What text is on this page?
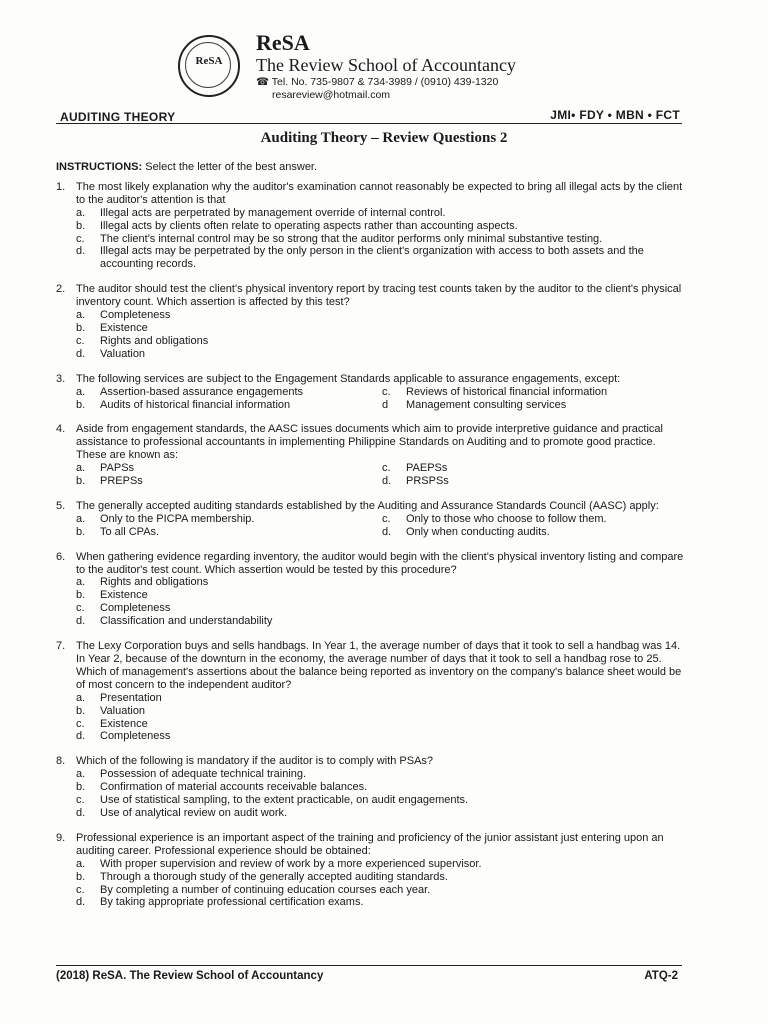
ReSA
ReSA
The Review School of Accountancy
☎ Tel. No. 735-9807 & 734-3989 / (0910) 439-1320
resareview@hotmail.com
AUDITING THEORY	JMI• FDY • MBN • FCT
Auditing Theory – Review Questions 2
INSTRUCTIONS: Select the letter of the best answer.
1. The most likely explanation why the auditor's examination cannot reasonably be expected to bring all illegal acts by the client to the auditor's attention is that
a.	Illegal acts are perpetrated by management override of internal control.
b.	Illegal acts by clients often relate to operating aspects rather than accounting aspects.
c.	The client's internal control may be so strong that the auditor performs only minimal substantive testing.
d.	Illegal acts may be perpetrated by the only person in the client's organization with access to both assets and the accounting records.
2. The auditor should test the client's physical inventory report by tracing test counts taken by the auditor to the client's physical inventory count. Which assertion is affected by this test?
a.	Completeness
b.	Existence
c.	Rights and obligations
d.	Valuation
3. The following services are subject to the Engagement Standards applicable to assurance engagements, except:
a.	Assertion-based assurance engagements
b.	Audits of historical financial information
c.	Reviews of historical financial information
d	Management consulting services
4. Aside from engagement standards, the AASC issues documents which aim to provide interpretive guidance and practical assistance to professional accountants in implementing Philippine Standards on Auditing and to promote good practice. These are known as:
a.	PAPSs
b.	PREPSs
c.	PAEPSs
d.	PRSPSs
5. The generally accepted auditing standards established by the Auditing and Assurance Standards Council (AASC) apply:
a.	Only to the PICPA membership.
b.	To all CPAs.
c.	Only to those who choose to follow them.
d.	Only when conducting audits.
6. When gathering evidence regarding inventory, the auditor would begin with the client's physical inventory listing and compare to the auditor's test count. Which assertion would be tested by this procedure?
a.	Rights and obligations
b.	Existence
c.	Completeness
d.	Classification and understandability
7. The Lexy Corporation buys and sells handbags. In Year 1, the average number of days that it took to sell a handbag was 14. In Year 2, because of the downturn in the economy, the average number of days that it took to sell a handbag rose to 25.
Which of management's assertions about the balance being reported as inventory on the company's balance sheet would be of most concern to the independent auditor?
a.	Presentation
b.	Valuation
c.	Existence
d.	Completeness
8. Which of the following is mandatory if the auditor is to comply with PSAs?
a.	Possession of adequate technical training.
b.	Confirmation of material accounts receivable balances.
c.	Use of statistical sampling, to the extent practicable, on audit engagements.
d.	Use of analytical review on audit work.
9. Professional experience is an important aspect of the training and proficiency of the junior assistant just entering upon an auditing career. Professional experience should be obtained:
a.	With proper supervision and review of work by a more experienced supervisor.
b.	Through a thorough study of the generally accepted auditing standards.
c.	By completing a number of continuing education courses each year.
d.	By taking appropriate professional certification exams.
(2018) ReSA. The Review School of Accountancy	ATQ-2
